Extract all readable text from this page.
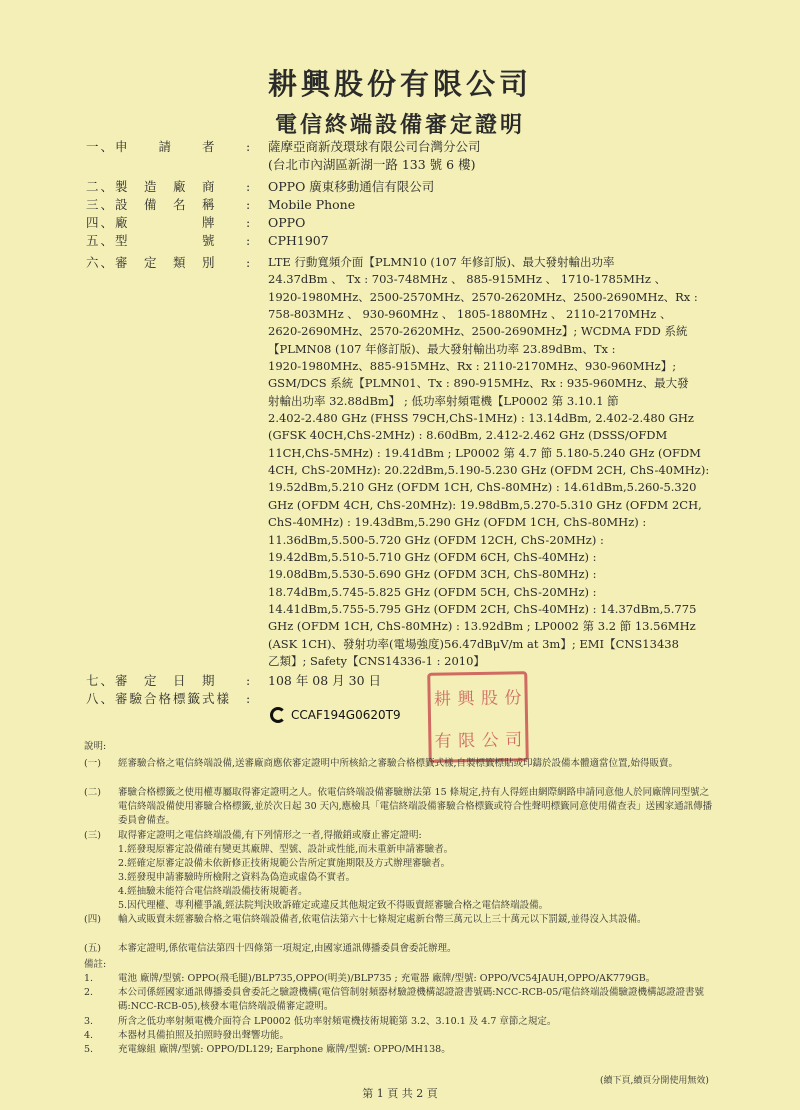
耕興股份有限公司
電信終端設備審定證明
一、申　　請　　者	: 薩摩亞商新茂環球有限公司台灣分公司
(台北市內湖區新湖一路 133 號 6 樓)
二、製　造　廠　商	: OPPO 廣東移動通信有限公司
三、設　備　名　稱	: Mobile Phone
四、廠　　　　　牌	: OPPO
五、型　　　　　號	: CPH1907
六、審　定　類　別	: LTE 行動寬頻介面【PLMN10 (107 年修訂版)、最大發射輸出功率
24.37dBm 、 Tx : 703-748MHz 、 885-915MHz 、 1710-1785MHz 、
1920-1980MHz、2500-2570MHz、2570-2620MHz、2500-2690MHz、Rx :
758-803MHz 、 930-960MHz 、 1805-1880MHz 、 2110-2170MHz 、
2620-2690MHz、2570-2620MHz、2500-2690MHz】; WCDMA FDD 系統
【PLMN08 (107 年修訂版)、最大發射輸出功率 23.89dBm、Tx :
1920-1980MHz、885-915MHz、Rx : 2110-2170MHz、930-960MHz】;
GSM/DCS 系統【PLMN01、Tx : 890-915MHz、Rx : 935-960MHz、最大發
射輸出功率 32.88dBm】 ; 低功率射頻電機【LP0002 第 3.10.1 節
2.402-2.480 GHz (FHSS 79CH,ChS-1MHz) : 13.14dBm, 2.402-2.480 GHz
(GFSK 40CH,ChS-2MHz) : 8.60dBm, 2.412-2.462 GHz (DSSS/OFDM
11CH,ChS-5MHz) : 19.41dBm ; LP0002 第 4.7 節 5.180-5.240 GHz (OFDM
4CH, ChS-20MHz): 20.22dBm,5.190-5.230 GHz (OFDM 2CH, ChS-40MHz):
19.52dBm,5.210 GHz (OFDM 1CH, ChS-80MHz) : 14.61dBm,5.260-5.320
GHz (OFDM 4CH, ChS-20MHz): 19.98dBm,5.270-5.310 GHz (OFDM 2CH,
ChS-40MHz) : 19.43dBm,5.290 GHz (OFDM 1CH, ChS-80MHz) :
11.36dBm,5.500-5.720 GHz (OFDM 12CH, ChS-20MHz) :
19.42dBm,5.510-5.710 GHz (OFDM 6CH, ChS-40MHz) :
19.08dBm,5.530-5.690 GHz (OFDM 3CH, ChS-80MHz) :
18.74dBm,5.745-5.825 GHz (OFDM 5CH, ChS-20MHz) :
14.41dBm,5.755-5.795 GHz (OFDM 2CH, ChS-40MHz) : 14.37dBm,5.775
GHz (OFDM 1CH, ChS-80MHz) : 13.92dBm ; LP0002 第 3.2 節 13.56MHz
(ASK 1CH)、發射功率(電場強度)56.47dBμV/m at 3m】; EMI【CNS13438
乙類】; Safety【CNS14336-1 : 2010】
七、審　定　日　期	: 108 年 08 月 30 日
八、審驗合格標籤式樣	:
CCAF194G0620T9
耕 興 股 份
有 限 公 司
說明:
(一)	經審驗合格之電信終端設備,送審廠商應依審定證明中所核給之審驗合格標籤式樣,自製標籤標貼或印鑄於設備本體適當位置,始得販賣。
(二)	審驗合格標籤之使用權專屬取得審定證明之人。依電信終端設備審驗辦法第 15 條規定,持有人得經由網際網路申請同意他人於同廠牌同型號之電信終端設備使用審驗合格標籤,並於次日起 30 天內,應檢具「電信終端設備審驗合格標籤或符合性聲明標籤同意使用備查表」送國家通訊傳播委員會備查。
(三)	取得審定證明之電信終端設備,有下列情形之一者,得撤銷或廢止審定證明:
1.經發現原審定設備確有變更其廠牌、型號、設計或性能,而未重新申請審驗者。
2.經確定原審定設備未依新修正技術規範公告所定實施期限及方式辦理審驗者。
3.經發現申請審驗時所檢附之資料為偽造或虛偽不實者。
4.經抽驗未能符合電信終端設備技術規範者。
5.因代理權、專利權爭議,經法院判決敗訴確定或違反其他規定致不得販賣經審驗合格之電信終端設備。
(四)	輸入或販賣未經審驗合格之電信終端設備者,依電信法第六十七條規定處新台幣三萬元以上三十萬元以下罰鍰,並得沒入其設備。
(五)	本審定證明,係依電信法第四十四條第一項規定,由國家通訊傳播委員會委託辦理。
備註:
1.	電池 廠牌/型號: OPPO(飛毛腿)/BLP735,OPPO(明美)/BLP735 ; 充電器 廠牌/型號: OPPO/VC54JAUH,OPPO/AK779GB。
2.	本公司係經國家通訊傳播委員會委託之驗證機構(電信管制射頻器材驗證機構認證證書號碼:NCC-RCB-05/電信終端設備驗證機構認證證書號碼:NCC-RCB-05),核發本電信終端設備審定證明。
3.	所含之低功率射頻電機介面符合 LP0002 低功率射頻電機技術規範第 3.2、3.10.1 及 4.7 章節之規定。
4.	本器材具備拍照及拍照時發出聲響功能。
5.	充電線組 廠牌/型號: OPPO/DL129; Earphone 廠牌/型號: OPPO/MH138。
(續下頁,續頁分開使用無效)
第 1 頁 共 2 頁
